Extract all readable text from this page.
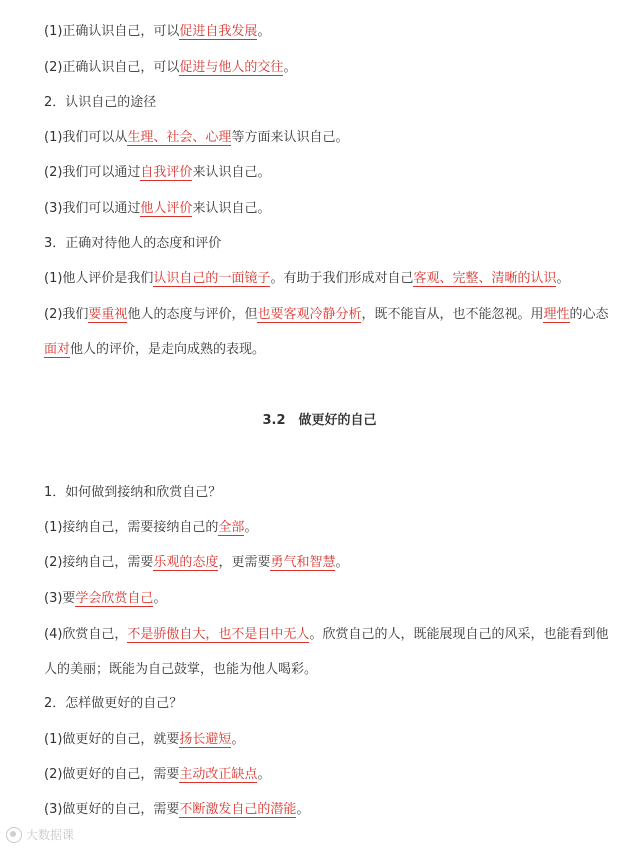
(1)正确认识自己，可以促进自我发展。
(2)正确认识自己，可以促进与他人的交往。
2．认识自己的途径
(1)我们可以从生理、社会、心理等方面来认识自己。
(2)我们可以通过自我评价来认识自己。
(3)我们可以通过他人评价来认识自己。
3．正确对待他人的态度和评价
(1)他人评价是我们认识自己的一面镜子。有助于我们形成对自己客观、完整、清晰的认识。
(2)我们要重视他人的态度与评价，但也要客观冷静分析，既不能盲从，也不能忽视。用理性的心态面对他人的评价，是走向成熟的表现。
3.2　做更好的自己
1．如何做到接纳和欣赏自己？
(1)接纳自己，需要接纳自己的全部。
(2)接纳自己，需要乐观的态度，更需要勇气和智慧。
(3)要学会欣赏自己。
(4)欣赏自己，不是骄傲自大，也不是目中无人。欣赏自己的人，既能展现自己的风采，也能看到他人的美丽；既能为自己鼓掌，也能为他人喝彩。
2．怎样做更好的自己？
(1)做更好的自己，就要扬长避短。
(2)做更好的自己，需要主动改正缺点。
(3)做更好的自己，需要不断激发自己的潜能。
大数据课
